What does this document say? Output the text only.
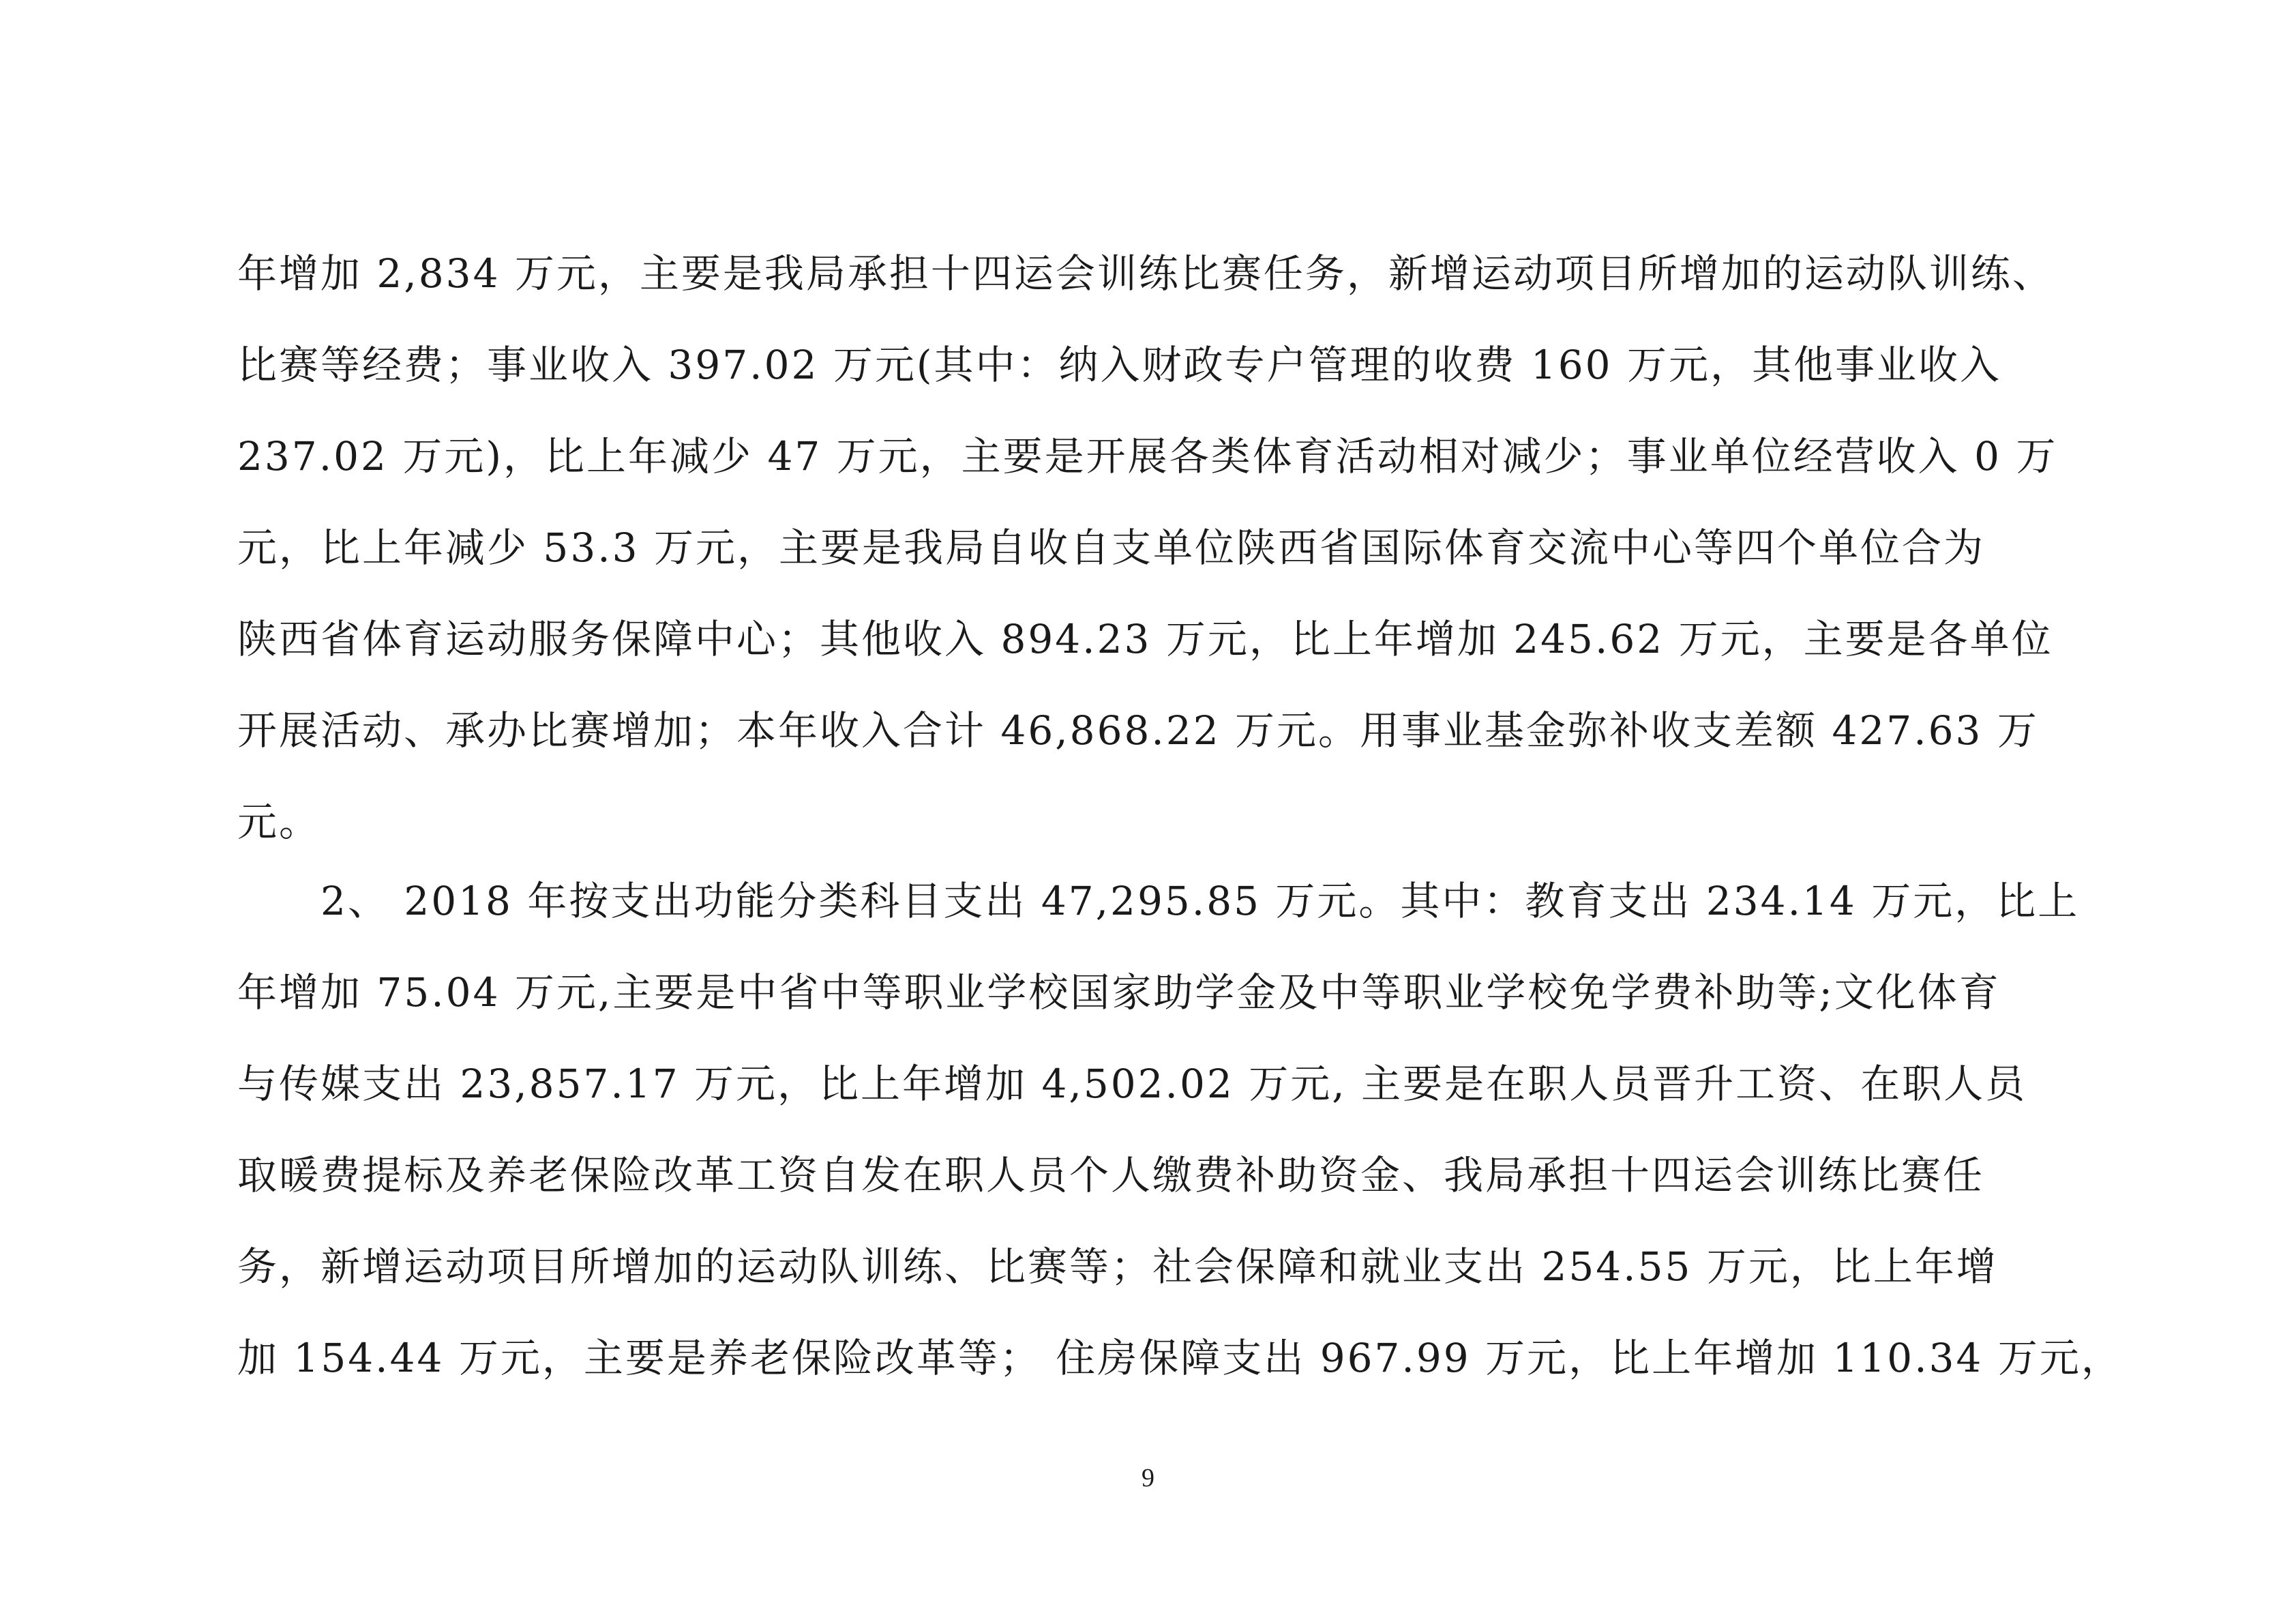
年增加 2,834 万元，主要是我局承担十四运会训练比赛任务，新增运动项目所增加的运动队训练、
比赛等经费；事业收入 397.02 万元(其中：纳入财政专户管理的收费 160 万元，其他事业收入
237.02 万元)，比上年减少 47 万元，主要是开展各类体育活动相对减少；事业单位经营收入 0 万
元，比上年减少 53.3 万元，主要是我局自收自支单位陕西省国际体育交流中心等四个单位合为
陕西省体育运动服务保障中心；其他收入 894.23 万元，比上年增加 245.62 万元，主要是各单位
开展活动、承办比赛增加；本年收入合计 46,868.22 万元。用事业基金弥补收支差额 427.63 万
元。
2、 2018 年按支出功能分类科目支出 47,295.85 万元。其中：教育支出 234.14 万元，比上
年增加 75.04 万元,主要是中省中等职业学校国家助学金及中等职业学校免学费补助等;文化体育
与传媒支出 23,857.17 万元，比上年增加 4,502.02 万元, 主要是在职人员晋升工资、在职人员
取暖费提标及养老保险改革工资自发在职人员个人缴费补助资金、我局承担十四运会训练比赛任
务，新增运动项目所增加的运动队训练、比赛等；社会保障和就业支出 254.55 万元，比上年增
加 154.44 万元，主要是养老保险改革等； 住房保障支出 967.99 万元，比上年增加 110.34 万元，
9
